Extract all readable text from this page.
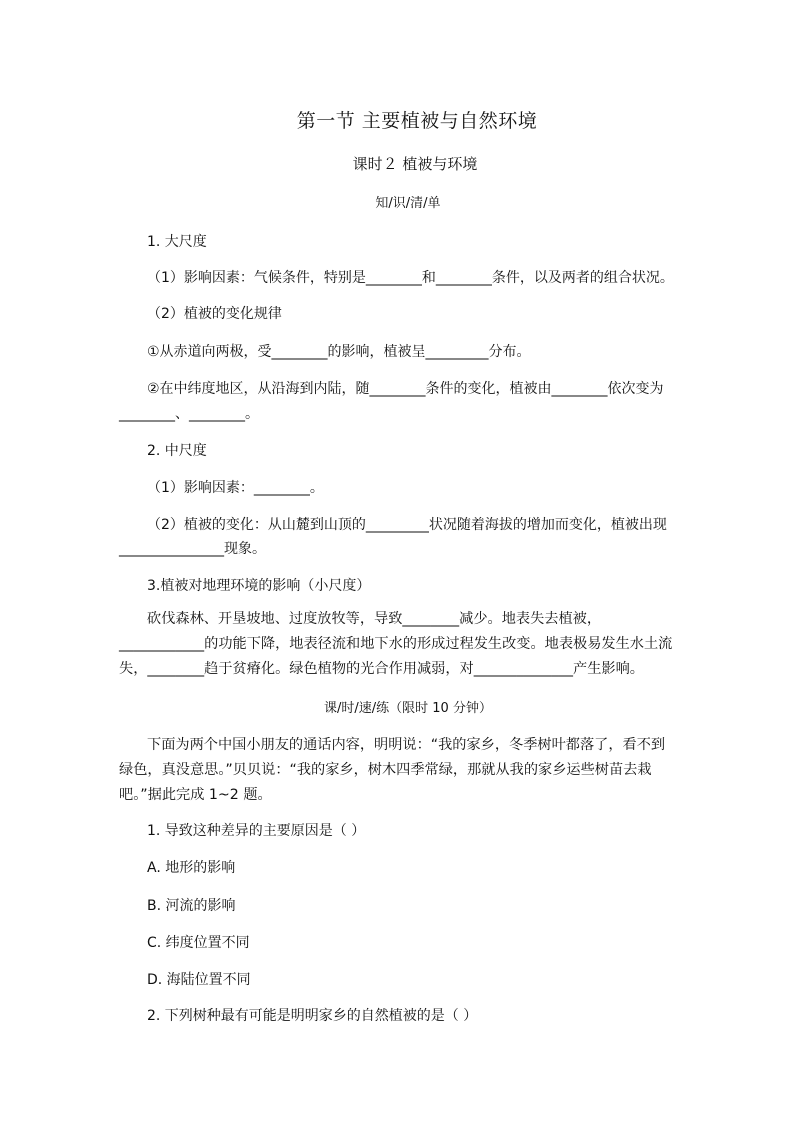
第一节 主要植被与自然环境
课时２ 植被与环境
知/识/清/单
1. 大尺度
（1）影响因素：气候条件，特别是________和________条件，以及两者的组合状况。
（2）植被的变化规律
①从赤道向两极，受________的影响，植被呈_________分布。
②在中纬度地区，从沿海到内陆，随________条件的变化，植被由________依次变为
________、________。
2. 中尺度
（1）影响因素：________。
（2）植被的变化：从山麓到山顶的_________状况随着海拔的增加而变化，植被出现
_______________现象。
3.植被对地理环境的影响（小尺度）
砍伐森林、开垦坡地、过度放牧等，导致________减少。地表失去植被，____________的功能下降，地表径流和地下水的形成过程发生改变。地表极易发生水土流失，________趋于贫瘠化。绿色植物的光合作用减弱，对______________产生影响。
课/时/速/练（限时 10 分钟）
下面为两个中国小朋友的通话内容，明明说：“我的家乡，冬季树叶都落了，看不到绿色，真没意思。”贝贝说：“我的家乡，树木四季常绿，那就从我的家乡运些树苗去栽吧。”据此完成 1~2 题。
1. 导致这种差异的主要原因是（ ）
A. 地形的影响
B. 河流的影响
C. 纬度位置不同
D. 海陆位置不同
2. 下列树种最有可能是明明家乡的自然植被的是（ ）
